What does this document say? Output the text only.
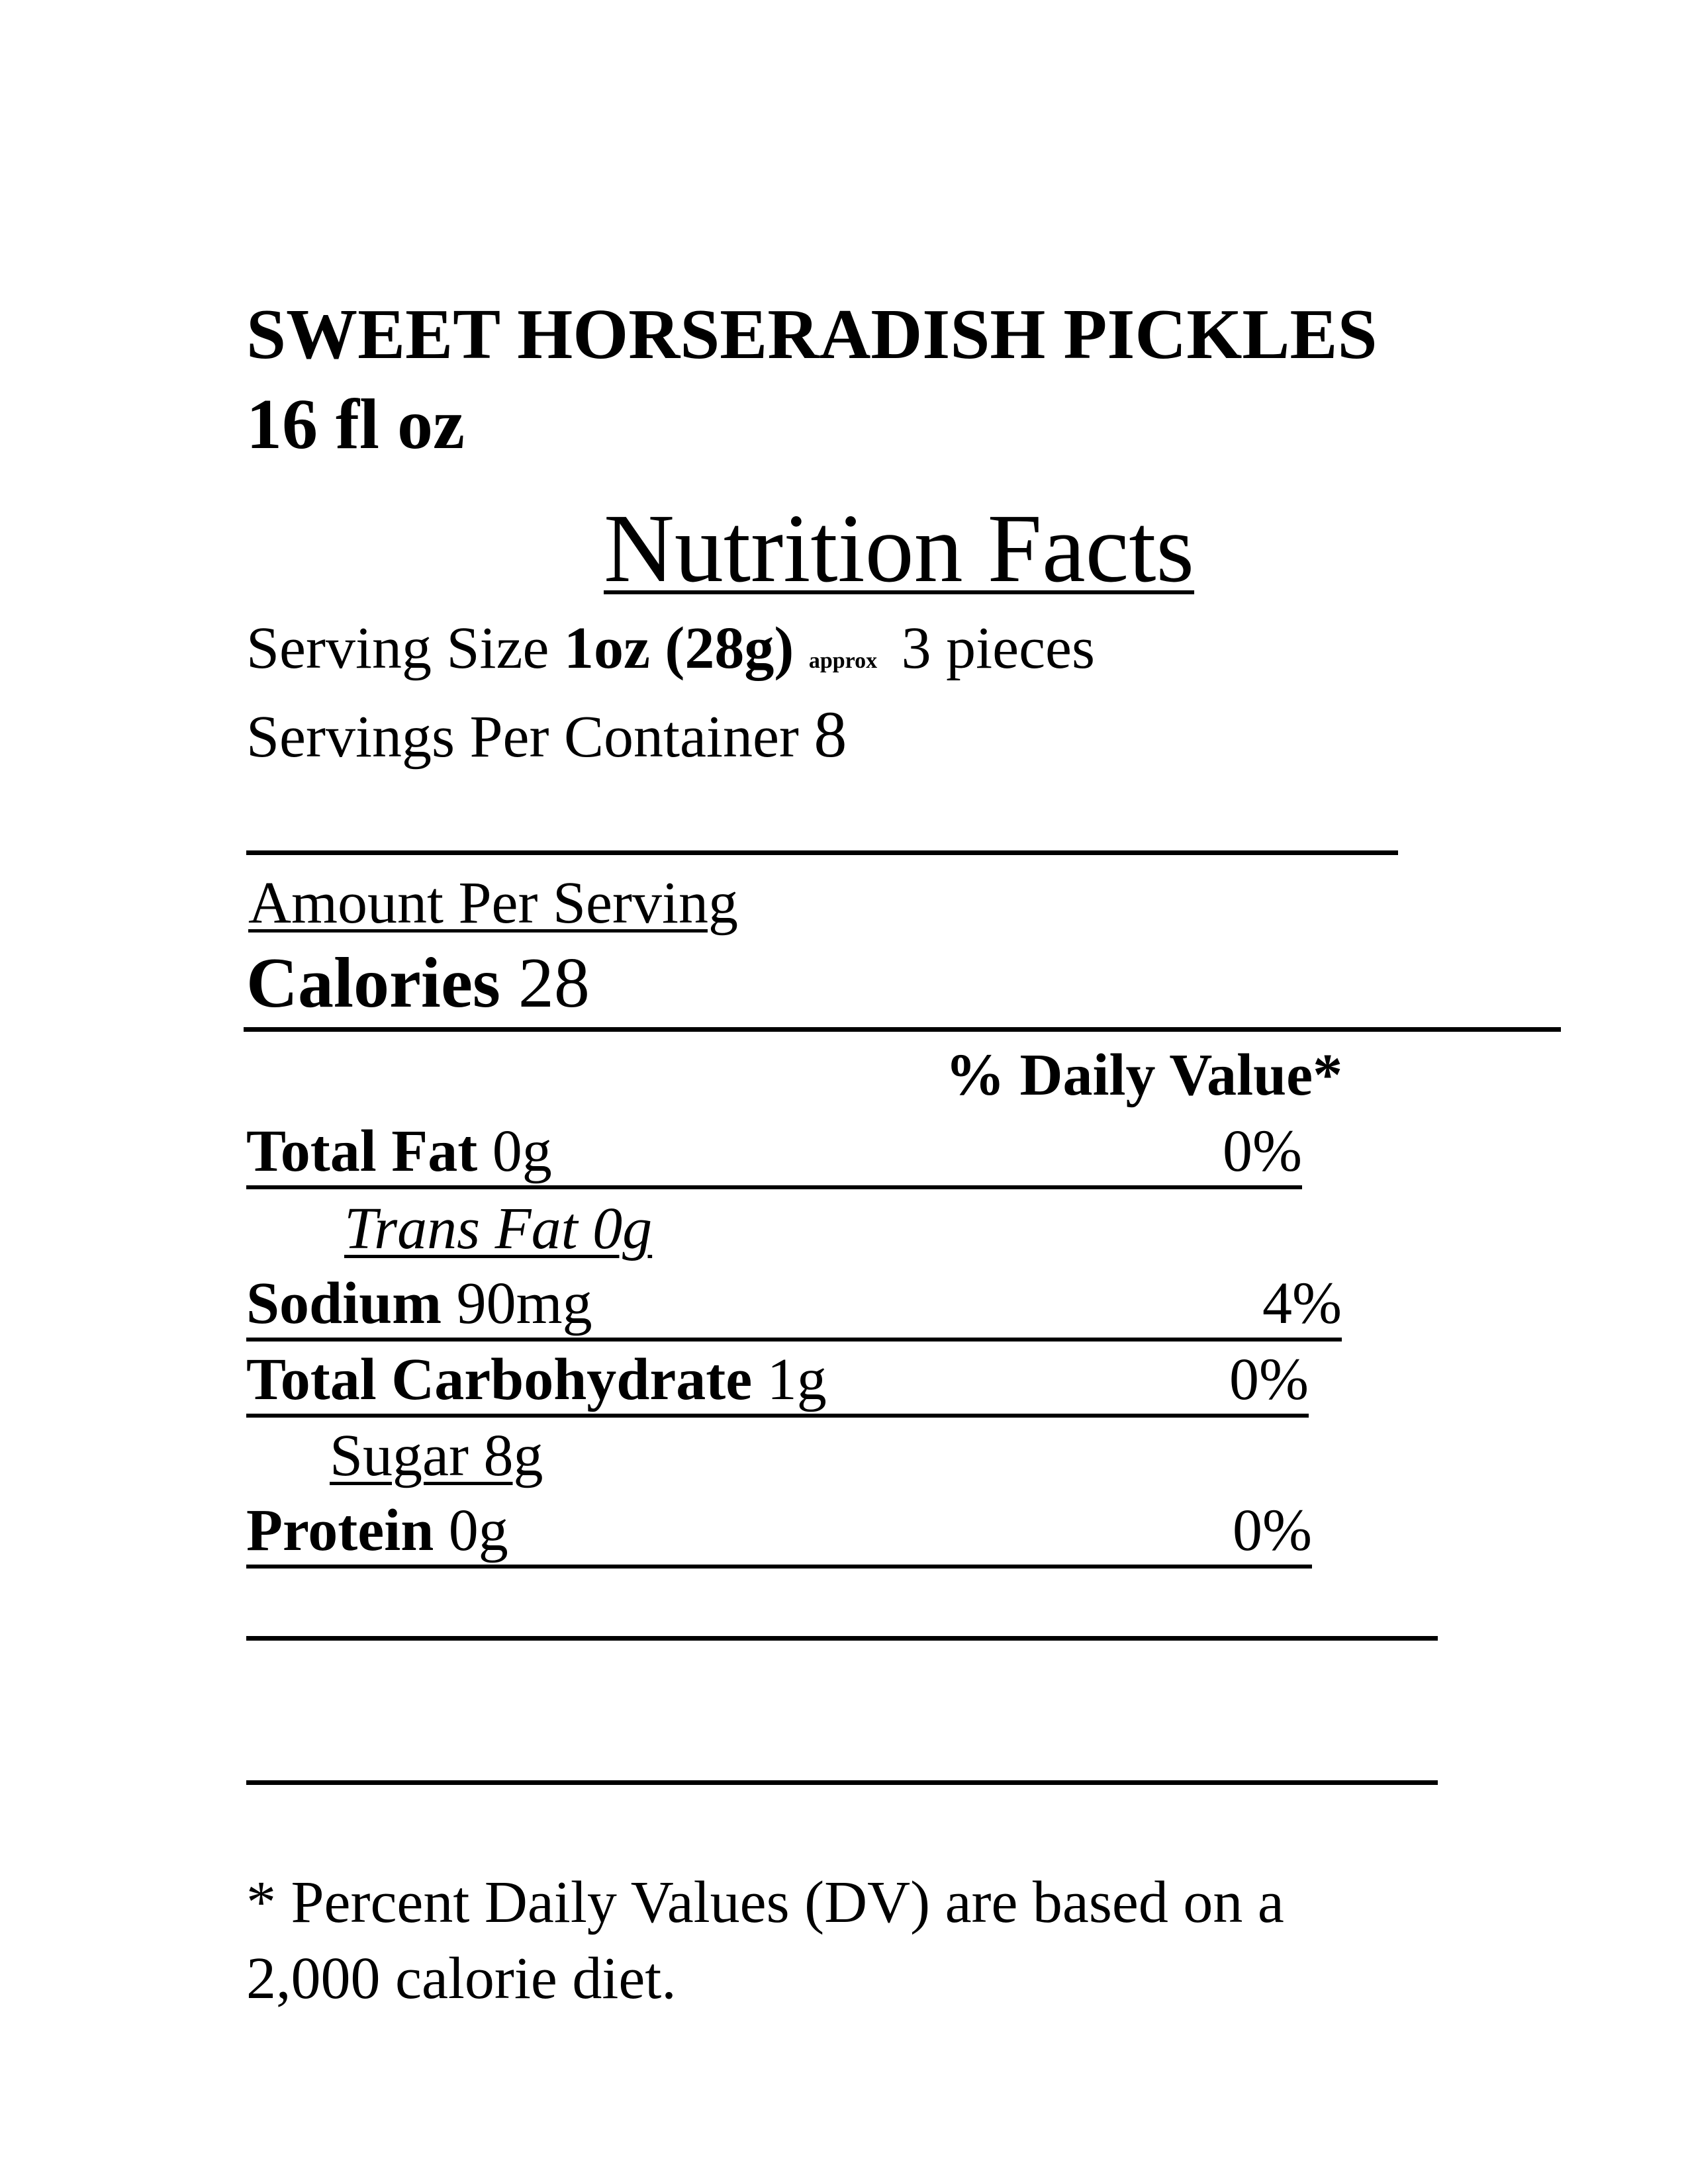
SWEET HORSERADISH PICKLES
16 fl oz
Nutrition Facts
Serving Size 1oz (28g) approx 3 pieces
Servings Per Container 8
Amount Per Serving
Calories 28
% Daily Value*
Total Fat 0g	0%
Trans Fat 0g
Sodium 90mg	4%
Total Carbohydrate 1g	0%
Sugar 8g
Protein 0g	0%
* Percent Daily Values (DV) are based on a
2,000 calorie diet.
